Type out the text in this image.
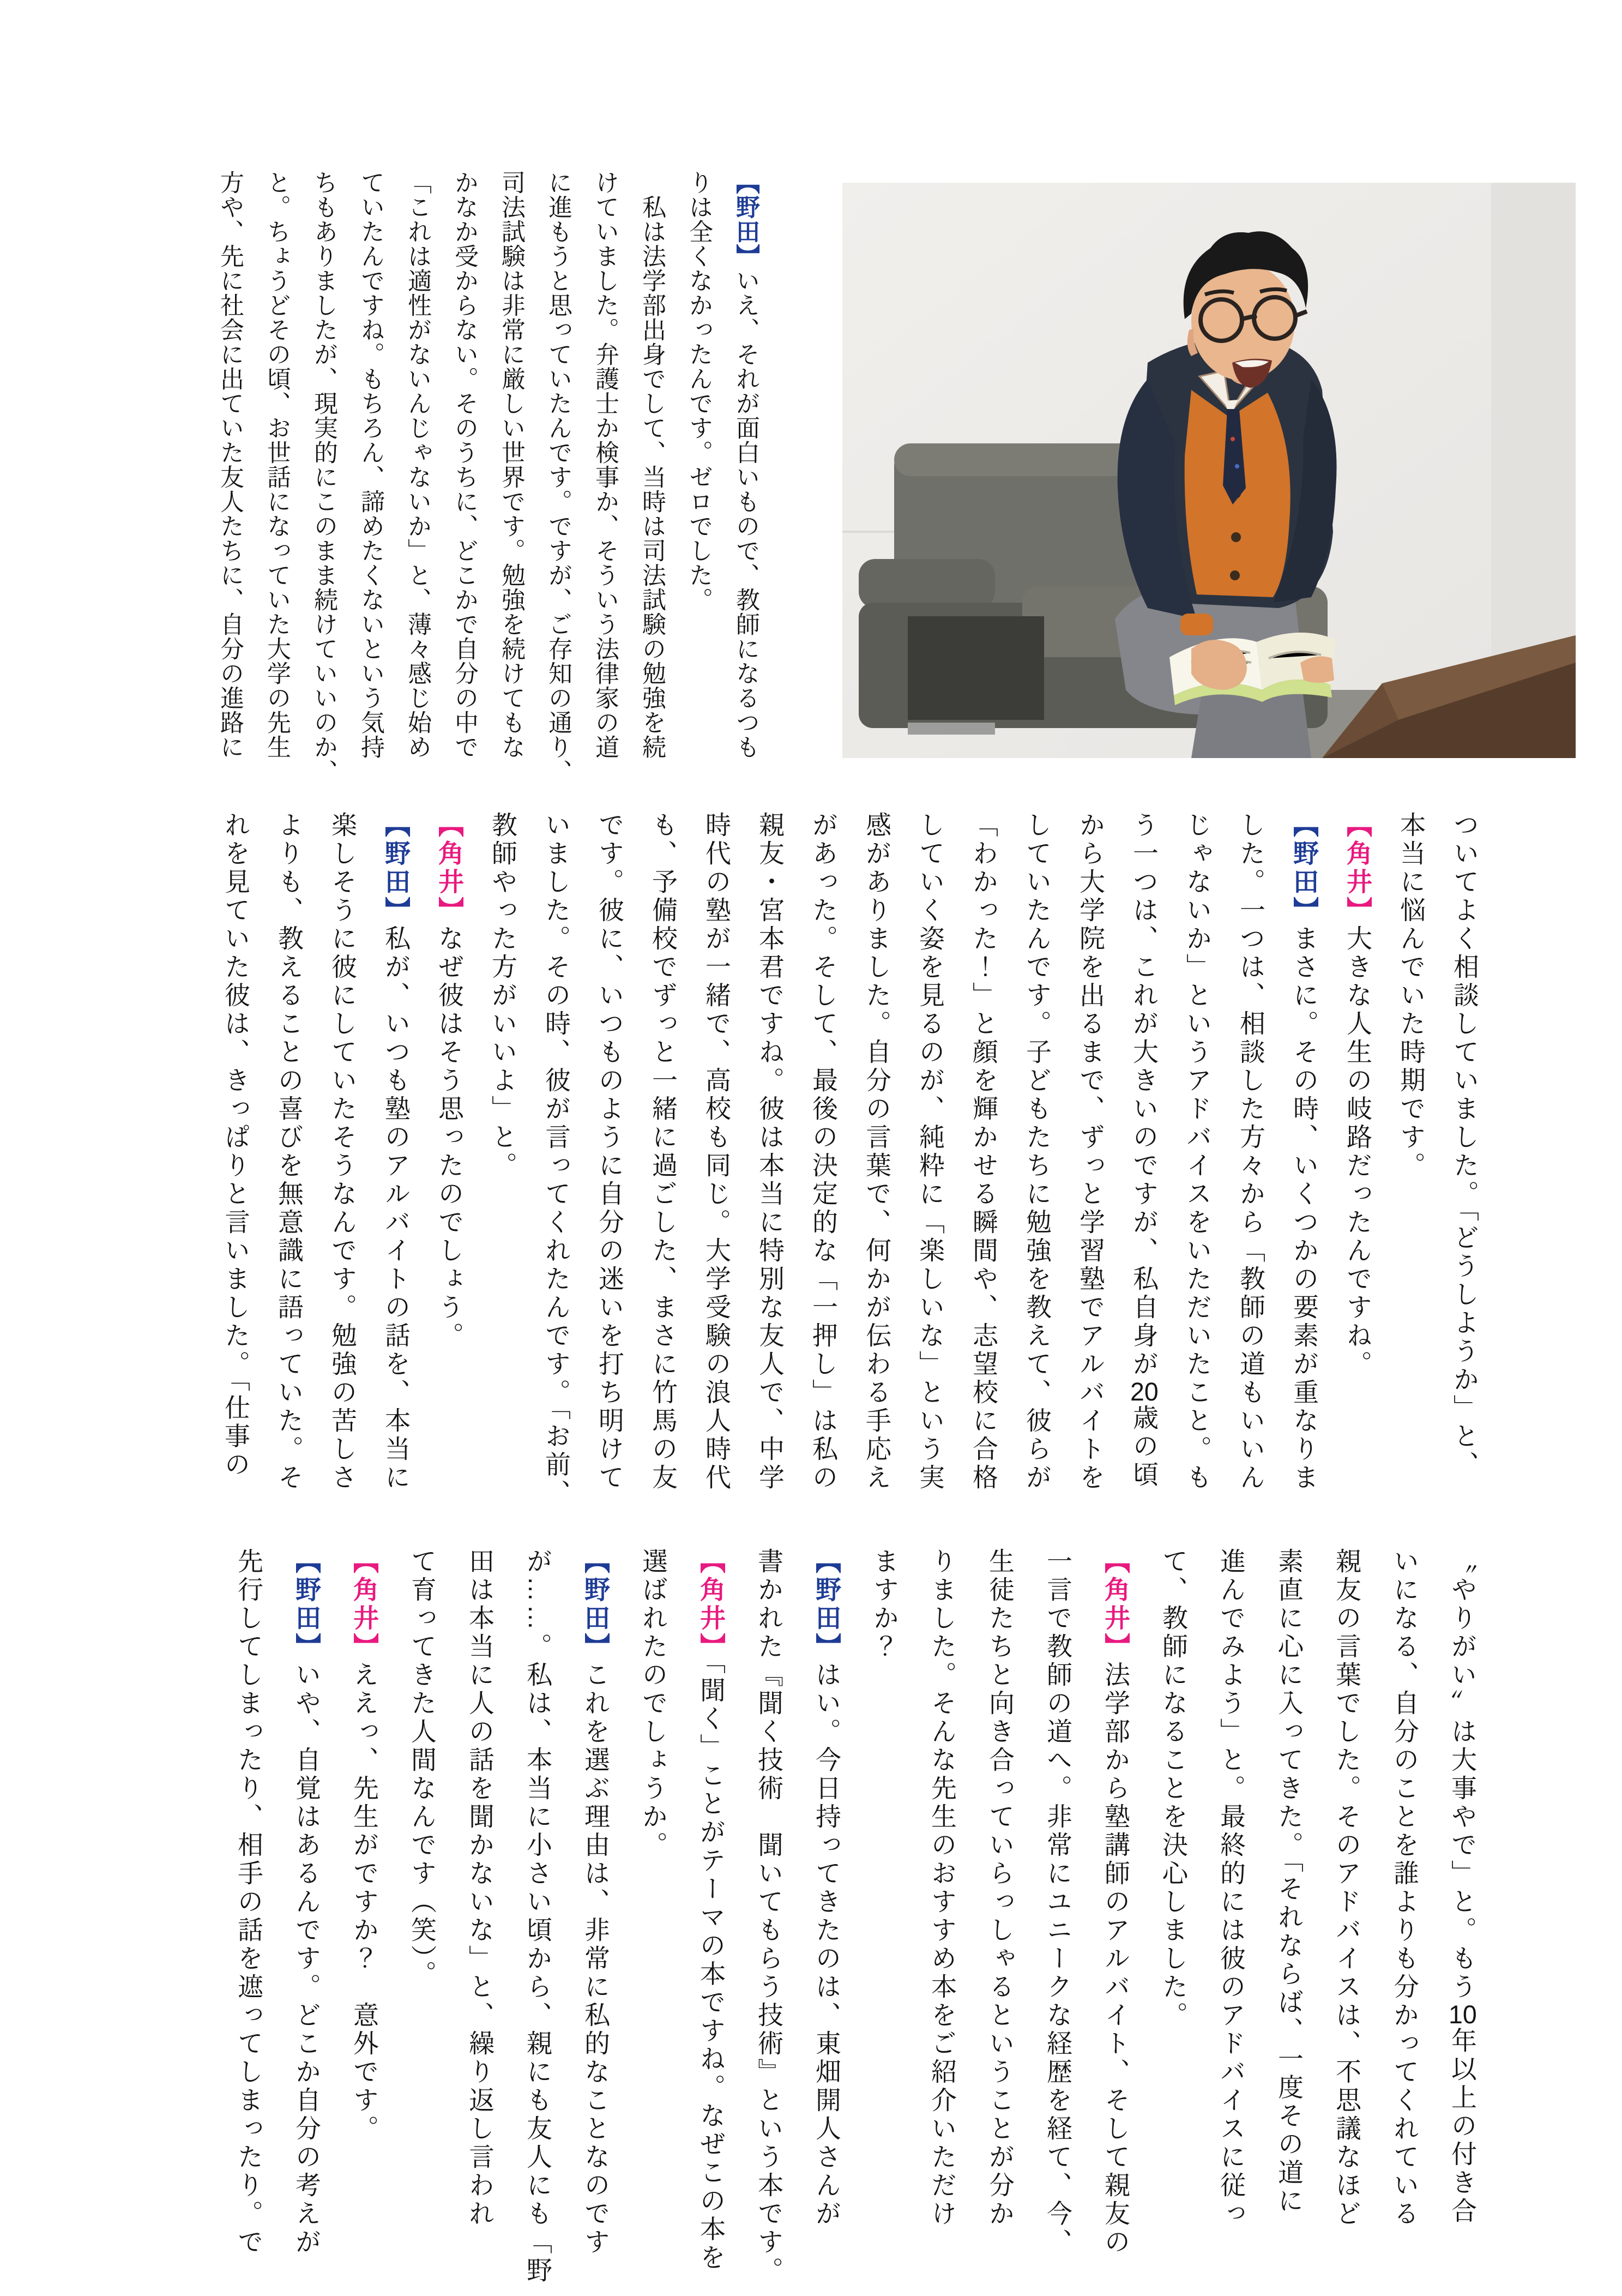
【野田】いえ、それが面白いもので、教師になるつも

りは全くなかったんです。ゼロでした。

　私は法学部出身でして、当時は司法試験の勉強を続

けていました。弁護士か検事か、そういう法律家の道

に進もうと思っていたんです。ですが、ご存知の通り、

司法試験は非常に厳しい世界です。勉強を続けてもな

かなか受からない。そのうちに、どこかで自分の中で

「これは適性がないんじゃないか」と、薄々感じ始め

ていたんですね。もちろん、諦めたくないという気持

ちもありましたが、現実的にこのまま続けていいのか、

と。ちょうどその頃、お世話になっていた大学の先生

方や、先に社会に出ていた友人たちに、自分の進路に

ついてよく相談していました。「どうしようか」と、

本当に悩んでいた時期です。

【角井】大きな人生の岐路だったんですね。

【野田】まさに。その時、いくつかの要素が重なりま

した。一つは、相談した方々から「教師の道もいいん

じゃないか」というアドバイスをいただいたこと。も

う一つは、これが大きいのですが、私自身が20歳の頃

から大学院を出るまで、ずっと学習塾でアルバイトを

していたんです。子どもたちに勉強を教えて、彼らが

「わかった！」と顔を輝かせる瞬間や、志望校に合格

していく姿を見るのが、純粋に「楽しいな」という実

感がありました。自分の言葉で、何かが伝わる手応え

があった。そして、最後の決定的な「一押し」は私の

親友・宮本君ですね。彼は本当に特別な友人で、中学

時代の塾が一緒で、高校も同じ。大学受験の浪人時代

も、予備校でずっと一緒に過ごした、まさに竹馬の友

です。彼に、いつものように自分の迷いを打ち明けて

いました。その時、彼が言ってくれたんです。「お前、

教師やった方がいいよ」と。

【角井】なぜ彼はそう思ったのでしょう。

【野田】私が、いつも塾のアルバイトの話を、本当に

楽しそうに彼にしていたそうなんです。勉強の苦しさ

よりも、教えることの喜びを無意識に語っていた。そ

れを見ていた彼は、きっぱりと言いました。「仕事の

〝やりがい〟は大事やで」と。もう10年以上の付き合

いになる、自分のことを誰よりも分かってくれている

親友の言葉でした。そのアドバイスは、不思議なほど

素直に心に入ってきた。「それならば、一度その道に

進んでみよう」と。最終的には彼のアドバイスに従っ

て、教師になることを決心しました。

【角井】法学部から塾講師のアルバイト、そして親友の

一言で教師の道へ。非常にユニークな経歴を経て、今、

生徒たちと向き合っていらっしゃるということが分か

りました。そんな先生のおすすめ本をご紹介いただけ

ますか？

【野田】はい。今日持ってきたのは、東畑開人さんが

書かれた『聞く技術　聞いてもらう技術』という本です。

【角井】「聞く」ことがテーマの本ですね。なぜこの本を

選ばれたのでしょうか。

【野田】これを選ぶ理由は、非常に私的なことなのです

が……。私は、本当に小さい頃から、親にも友人にも「野

田は本当に人の話を聞かないな」と、繰り返し言われ

て育ってきた人間なんです（笑）。

【角井】ええっ、先生がですか？　意外です。

【野田】いや、自覚はあるんです。どこか自分の考えが

先行してしまったり、相手の話を遮ってしまったり。で
